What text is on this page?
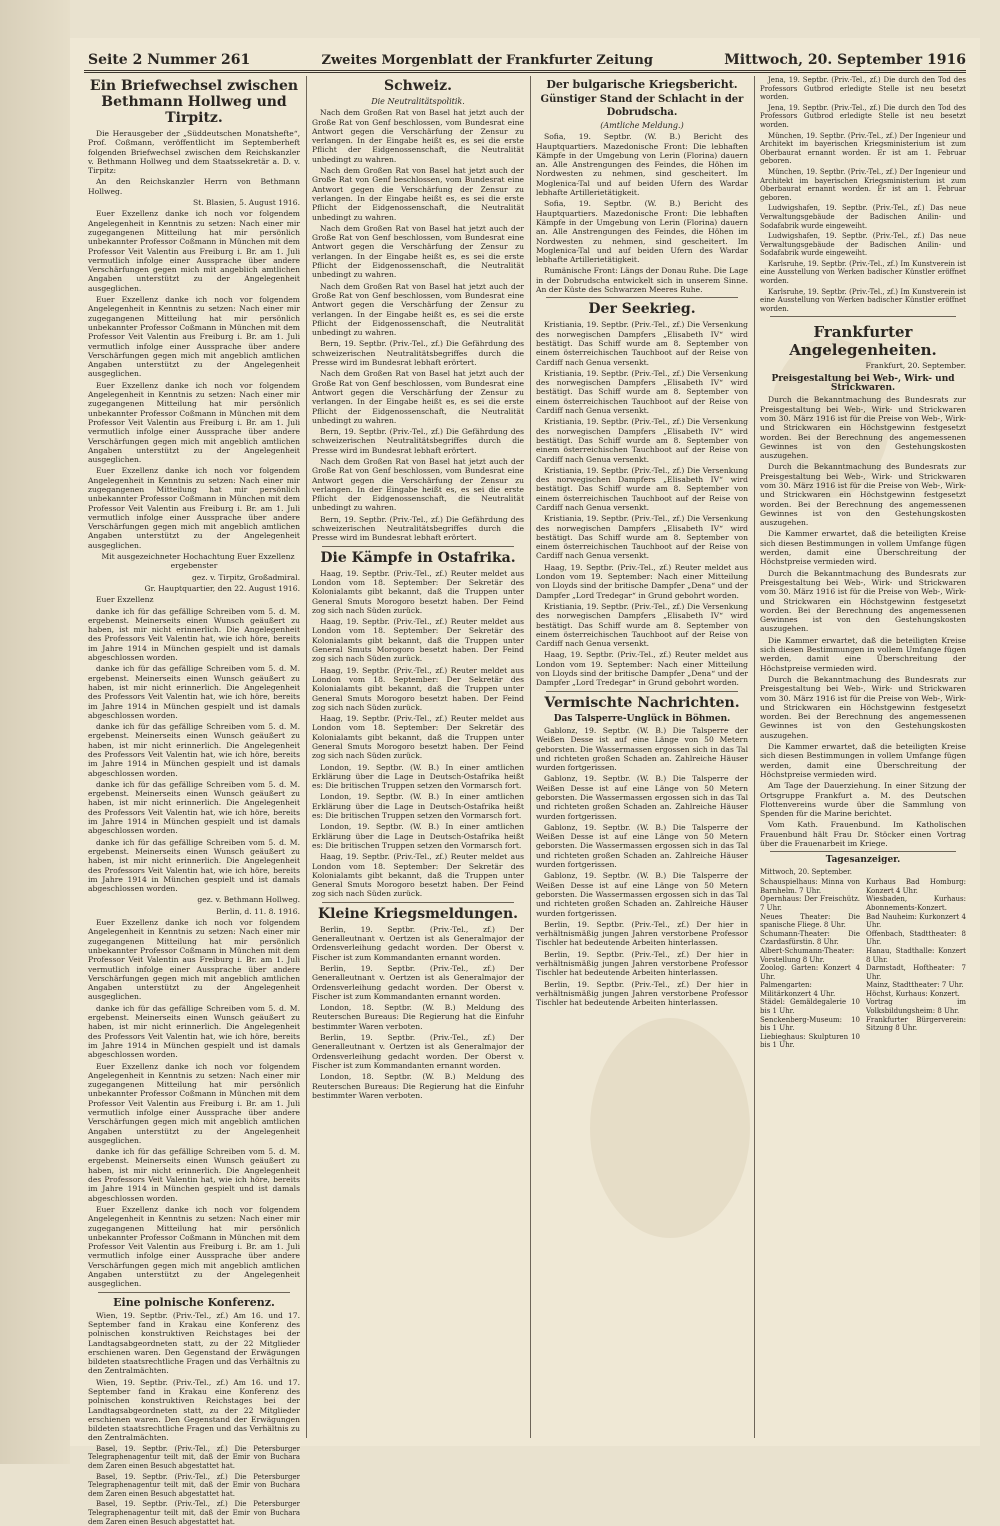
Seite 2 Nummer 261	Zweites Morgenblatt der Frankfurter Zeitung	Mittwoch, 20. September 1916
Ein Briefwechsel zwischen Bethmann Hollweg und Tirpitz.

Die Herausgeber der „Süddeutschen Monatshefte“, Prof. Coßmann, veröffentlicht im Septemberheft folgenden Briefwechsel zwischen dem Reichskanzler v. Bethmann Hollweg und dem Staatssekretär a. D. v. Tirpitz:

An den Reichskanzler Herrn von Bethmann Hollweg.

St. Blasien, 5. August 1916.

Euer Exzellenz danke ich noch vor folgendem Angelegenheit in Kenntnis zu setzen: Nach einer mir zugegangenen Mitteilung hat mir persönlich unbekannter Professor Coßmann in München mit dem Professor Veit Valentin aus Freiburg i. Br. am 1. Juli vermutlich infolge einer Aussprache über andere Verschärfungen gegen mich mit angeblich amtlichen Angaben unterstützt zu der Angelegenheit ausgeglichen.

Euer Exzellenz danke ich noch vor folgendem Angelegenheit in Kenntnis zu setzen: Nach einer mir zugegangenen Mitteilung hat mir persönlich unbekannter Professor Coßmann in München mit dem Professor Veit Valentin aus Freiburg i. Br. am 1. Juli vermutlich infolge einer Aussprache über andere Verschärfungen gegen mich mit angeblich amtlichen Angaben unterstützt zu der Angelegenheit ausgeglichen.

Euer Exzellenz danke ich noch vor folgendem Angelegenheit in Kenntnis zu setzen: Nach einer mir zugegangenen Mitteilung hat mir persönlich unbekannter Professor Coßmann in München mit dem Professor Veit Valentin aus Freiburg i. Br. am 1. Juli vermutlich infolge einer Aussprache über andere Verschärfungen gegen mich mit angeblich amtlichen Angaben unterstützt zu der Angelegenheit ausgeglichen.

Euer Exzellenz danke ich noch vor folgendem Angelegenheit in Kenntnis zu setzen: Nach einer mir zugegangenen Mitteilung hat mir persönlich unbekannter Professor Coßmann in München mit dem Professor Veit Valentin aus Freiburg i. Br. am 1. Juli vermutlich infolge einer Aussprache über andere Verschärfungen gegen mich mit angeblich amtlichen Angaben unterstützt zu der Angelegenheit ausgeglichen.

Mit ausgezeichneter Hochachtung Euer Exzellenz ergebenster

gez. v. Tirpitz, Großadmiral.

Gr. Hauptquartier, den 22. August 1916.

Euer Exzellenz

danke ich für das gefällige Schreiben vom 5. d. M. ergebenst. Meinerseits einen Wunsch geäußert zu haben, ist mir nicht erinnerlich. Die Angelegenheit des Professors Veit Valentin hat, wie ich höre, bereits im Jahre 1914 in München gespielt und ist damals abgeschlossen worden.

danke ich für das gefällige Schreiben vom 5. d. M. ergebenst. Meinerseits einen Wunsch geäußert zu haben, ist mir nicht erinnerlich. Die Angelegenheit des Professors Veit Valentin hat, wie ich höre, bereits im Jahre 1914 in München gespielt und ist damals abgeschlossen worden.

danke ich für das gefällige Schreiben vom 5. d. M. ergebenst. Meinerseits einen Wunsch geäußert zu haben, ist mir nicht erinnerlich. Die Angelegenheit des Professors Veit Valentin hat, wie ich höre, bereits im Jahre 1914 in München gespielt und ist damals abgeschlossen worden.

danke ich für das gefällige Schreiben vom 5. d. M. ergebenst. Meinerseits einen Wunsch geäußert zu haben, ist mir nicht erinnerlich. Die Angelegenheit des Professors Veit Valentin hat, wie ich höre, bereits im Jahre 1914 in München gespielt und ist damals abgeschlossen worden.

danke ich für das gefällige Schreiben vom 5. d. M. ergebenst. Meinerseits einen Wunsch geäußert zu haben, ist mir nicht erinnerlich. Die Angelegenheit des Professors Veit Valentin hat, wie ich höre, bereits im Jahre 1914 in München gespielt und ist damals abgeschlossen worden.

gez. v. Bethmann Hollweg.

Berlin, d. 11. 8. 1916.

Euer Exzellenz danke ich noch vor folgendem Angelegenheit in Kenntnis zu setzen: Nach einer mir zugegangenen Mitteilung hat mir persönlich unbekannter Professor Coßmann in München mit dem Professor Veit Valentin aus Freiburg i. Br. am 1. Juli vermutlich infolge einer Aussprache über andere Verschärfungen gegen mich mit angeblich amtlichen Angaben unterstützt zu der Angelegenheit ausgeglichen.

danke ich für das gefällige Schreiben vom 5. d. M. ergebenst. Meinerseits einen Wunsch geäußert zu haben, ist mir nicht erinnerlich. Die Angelegenheit des Professors Veit Valentin hat, wie ich höre, bereits im Jahre 1914 in München gespielt und ist damals abgeschlossen worden.

Euer Exzellenz danke ich noch vor folgendem Angelegenheit in Kenntnis zu setzen: Nach einer mir zugegangenen Mitteilung hat mir persönlich unbekannter Professor Coßmann in München mit dem Professor Veit Valentin aus Freiburg i. Br. am 1. Juli vermutlich infolge einer Aussprache über andere Verschärfungen gegen mich mit angeblich amtlichen Angaben unterstützt zu der Angelegenheit ausgeglichen.

danke ich für das gefällige Schreiben vom 5. d. M. ergebenst. Meinerseits einen Wunsch geäußert zu haben, ist mir nicht erinnerlich. Die Angelegenheit des Professors Veit Valentin hat, wie ich höre, bereits im Jahre 1914 in München gespielt und ist damals abgeschlossen worden.

Euer Exzellenz danke ich noch vor folgendem Angelegenheit in Kenntnis zu setzen: Nach einer mir zugegangenen Mitteilung hat mir persönlich unbekannter Professor Coßmann in München mit dem Professor Veit Valentin aus Freiburg i. Br. am 1. Juli vermutlich infolge einer Aussprache über andere Verschärfungen gegen mich mit angeblich amtlichen Angaben unterstützt zu der Angelegenheit ausgeglichen.

Eine polnische Konferenz.

Wien, 19. Septbr. (Priv.-Tel., zf.) Am 16. und 17. September fand in Krakau eine Konferenz des polnischen konstruktiven Reichstages bei der Landtagsabgeordneten statt, zu der 22 Mitglieder erschienen waren. Den Gegenstand der Erwägungen bildeten staatsrechtliche Fragen und das Verhältnis zu den Zentralmächten.

Wien, 19. Septbr. (Priv.-Tel., zf.) Am 16. und 17. September fand in Krakau eine Konferenz des polnischen konstruktiven Reichstages bei der Landtagsabgeordneten statt, zu der 22 Mitglieder erschienen waren. Den Gegenstand der Erwägungen bildeten staatsrechtliche Fragen und das Verhältnis zu den Zentralmächten.

Basel, 19. Septbr. (Priv.-Tel., zf.) Die Petersburger Telegraphenagentur teilt mit, daß der Emir von Buchara dem Zaren einen Besuch abgestattet hat.

Basel, 19. Septbr. (Priv.-Tel., zf.) Die Petersburger Telegraphenagentur teilt mit, daß der Emir von Buchara dem Zaren einen Besuch abgestattet hat.

Basel, 19. Septbr. (Priv.-Tel., zf.) Die Petersburger Telegraphenagentur teilt mit, daß der Emir von Buchara dem Zaren einen Besuch abgestattet hat.

Schweiz.
Die Neutralitätspolitik.

Nach dem Großen Rat von Basel hat jetzt auch der Große Rat von Genf beschlossen, vom Bundesrat eine Antwort gegen die Verschärfung der Zensur zu verlangen. In der Eingabe heißt es, es sei die erste Pflicht der Eidgenossenschaft, die Neutralität unbedingt zu wahren.

Nach dem Großen Rat von Basel hat jetzt auch der Große Rat von Genf beschlossen, vom Bundesrat eine Antwort gegen die Verschärfung der Zensur zu verlangen. In der Eingabe heißt es, es sei die erste Pflicht der Eidgenossenschaft, die Neutralität unbedingt zu wahren.

Nach dem Großen Rat von Basel hat jetzt auch der Große Rat von Genf beschlossen, vom Bundesrat eine Antwort gegen die Verschärfung der Zensur zu verlangen. In der Eingabe heißt es, es sei die erste Pflicht der Eidgenossenschaft, die Neutralität unbedingt zu wahren.

Nach dem Großen Rat von Basel hat jetzt auch der Große Rat von Genf beschlossen, vom Bundesrat eine Antwort gegen die Verschärfung der Zensur zu verlangen. In der Eingabe heißt es, es sei die erste Pflicht der Eidgenossenschaft, die Neutralität unbedingt zu wahren.

Bern, 19. Septbr. (Priv.-Tel., zf.) Die Gefährdung des schweizerischen Neutralitätsbegriffes durch die Presse wird im Bundesrat lebhaft erörtert.

Nach dem Großen Rat von Basel hat jetzt auch der Große Rat von Genf beschlossen, vom Bundesrat eine Antwort gegen die Verschärfung der Zensur zu verlangen. In der Eingabe heißt es, es sei die erste Pflicht der Eidgenossenschaft, die Neutralität unbedingt zu wahren.

Bern, 19. Septbr. (Priv.-Tel., zf.) Die Gefährdung des schweizerischen Neutralitätsbegriffes durch die Presse wird im Bundesrat lebhaft erörtert.

Nach dem Großen Rat von Basel hat jetzt auch der Große Rat von Genf beschlossen, vom Bundesrat eine Antwort gegen die Verschärfung der Zensur zu verlangen. In der Eingabe heißt es, es sei die erste Pflicht der Eidgenossenschaft, die Neutralität unbedingt zu wahren.

Bern, 19. Septbr. (Priv.-Tel., zf.) Die Gefährdung des schweizerischen Neutralitätsbegriffes durch die Presse wird im Bundesrat lebhaft erörtert.

Die Kämpfe in Ostafrika.

Haag, 19. Septbr. (Priv.-Tel., zf.) Reuter meldet aus London vom 18. September: Der Sekretär des Kolonialamts gibt bekannt, daß die Truppen unter General Smuts Morogoro besetzt haben. Der Feind zog sich nach Süden zurück.

Haag, 19. Septbr. (Priv.-Tel., zf.) Reuter meldet aus London vom 18. September: Der Sekretär des Kolonialamts gibt bekannt, daß die Truppen unter General Smuts Morogoro besetzt haben. Der Feind zog sich nach Süden zurück.

Haag, 19. Septbr. (Priv.-Tel., zf.) Reuter meldet aus London vom 18. September: Der Sekretär des Kolonialamts gibt bekannt, daß die Truppen unter General Smuts Morogoro besetzt haben. Der Feind zog sich nach Süden zurück.

Haag, 19. Septbr. (Priv.-Tel., zf.) Reuter meldet aus London vom 18. September: Der Sekretär des Kolonialamts gibt bekannt, daß die Truppen unter General Smuts Morogoro besetzt haben. Der Feind zog sich nach Süden zurück.

London, 19. Septbr. (W. B.) In einer amtlichen Erklärung über die Lage in Deutsch-Ostafrika heißt es: Die britischen Truppen setzen den Vormarsch fort.

London, 19. Septbr. (W. B.) In einer amtlichen Erklärung über die Lage in Deutsch-Ostafrika heißt es: Die britischen Truppen setzen den Vormarsch fort.

London, 19. Septbr. (W. B.) In einer amtlichen Erklärung über die Lage in Deutsch-Ostafrika heißt es: Die britischen Truppen setzen den Vormarsch fort.

Haag, 19. Septbr. (Priv.-Tel., zf.) Reuter meldet aus London vom 18. September: Der Sekretär des Kolonialamts gibt bekannt, daß die Truppen unter General Smuts Morogoro besetzt haben. Der Feind zog sich nach Süden zurück.

Kleine Kriegsmeldungen.

Berlin, 19. Septbr. (Priv.-Tel., zf.) Der Generalleutnant v. Oertzen ist als Generalmajor der Ordensverleihung gedacht worden. Der Oberst v. Fischer ist zum Kommandanten ernannt worden.

Berlin, 19. Septbr. (Priv.-Tel., zf.) Der Generalleutnant v. Oertzen ist als Generalmajor der Ordensverleihung gedacht worden. Der Oberst v. Fischer ist zum Kommandanten ernannt worden.

London, 18. Septbr. (W. B.) Meldung des Reuterschen Bureaus: Die Regierung hat die Einfuhr bestimmter Waren verboten.

Berlin, 19. Septbr. (Priv.-Tel., zf.) Der Generalleutnant v. Oertzen ist als Generalmajor der Ordensverleihung gedacht worden. Der Oberst v. Fischer ist zum Kommandanten ernannt worden.

London, 18. Septbr. (W. B.) Meldung des Reuterschen Bureaus: Die Regierung hat die Einfuhr bestimmter Waren verboten.

Der bulgarische Kriegsbericht.
Günstiger Stand der Schlacht in der Dobrudscha.
(Amtliche Meldung.)

Sofia, 19. Septbr. (W. B.) Bericht des Hauptquartiers. Mazedonische Front: Die lebhaften Kämpfe in der Umgebung von Lerin (Florina) dauern an. Alle Anstrengungen des Feindes, die Höhen im Nordwesten zu nehmen, sind gescheitert. Im Moglenica-Tal und auf beiden Ufern des Wardar lebhafte Artillerietätigkeit.

Sofia, 19. Septbr. (W. B.) Bericht des Hauptquartiers. Mazedonische Front: Die lebhaften Kämpfe in der Umgebung von Lerin (Florina) dauern an. Alle Anstrengungen des Feindes, die Höhen im Nordwesten zu nehmen, sind gescheitert. Im Moglenica-Tal und auf beiden Ufern des Wardar lebhafte Artillerietätigkeit.

Rumänische Front: Längs der Donau Ruhe. Die Lage in der Dobrudscha entwickelt sich in unserem Sinne. An der Küste des Schwarzen Meeres Ruhe.

Der Seekrieg.

Kristiania, 19. Septbr. (Priv.-Tel., zf.) Die Versenkung des norwegischen Dampfers „Elisabeth IV“ wird bestätigt. Das Schiff wurde am 8. September von einem österreichischen Tauchboot auf der Reise von Cardiff nach Genua versenkt.

Kristiania, 19. Septbr. (Priv.-Tel., zf.) Die Versenkung des norwegischen Dampfers „Elisabeth IV“ wird bestätigt. Das Schiff wurde am 8. September von einem österreichischen Tauchboot auf der Reise von Cardiff nach Genua versenkt.

Kristiania, 19. Septbr. (Priv.-Tel., zf.) Die Versenkung des norwegischen Dampfers „Elisabeth IV“ wird bestätigt. Das Schiff wurde am 8. September von einem österreichischen Tauchboot auf der Reise von Cardiff nach Genua versenkt.

Kristiania, 19. Septbr. (Priv.-Tel., zf.) Die Versenkung des norwegischen Dampfers „Elisabeth IV“ wird bestätigt. Das Schiff wurde am 8. September von einem österreichischen Tauchboot auf der Reise von Cardiff nach Genua versenkt.

Kristiania, 19. Septbr. (Priv.-Tel., zf.) Die Versenkung des norwegischen Dampfers „Elisabeth IV“ wird bestätigt. Das Schiff wurde am 8. September von einem österreichischen Tauchboot auf der Reise von Cardiff nach Genua versenkt.

Haag, 19. Septbr. (Priv.-Tel., zf.) Reuter meldet aus London vom 19. September: Nach einer Mitteilung von Lloyds sind der britische Dampfer „Dena“ und der Dampfer „Lord Tredegar“ in Grund gebohrt worden.

Kristiania, 19. Septbr. (Priv.-Tel., zf.) Die Versenkung des norwegischen Dampfers „Elisabeth IV“ wird bestätigt. Das Schiff wurde am 8. September von einem österreichischen Tauchboot auf der Reise von Cardiff nach Genua versenkt.

Haag, 19. Septbr. (Priv.-Tel., zf.) Reuter meldet aus London vom 19. September: Nach einer Mitteilung von Lloyds sind der britische Dampfer „Dena“ und der Dampfer „Lord Tredegar“ in Grund gebohrt worden.

Vermischte Nachrichten.
Das Talsperre-Unglück in Böhmen.

Gablonz, 19. Septbr. (W. B.) Die Talsperre der Weißen Desse ist auf eine Länge von 50 Metern geborsten. Die Wassermassen ergossen sich in das Tal und richteten großen Schaden an. Zahlreiche Häuser wurden fortgerissen.

Gablonz, 19. Septbr. (W. B.) Die Talsperre der Weißen Desse ist auf eine Länge von 50 Metern geborsten. Die Wassermassen ergossen sich in das Tal und richteten großen Schaden an. Zahlreiche Häuser wurden fortgerissen.

Gablonz, 19. Septbr. (W. B.) Die Talsperre der Weißen Desse ist auf eine Länge von 50 Metern geborsten. Die Wassermassen ergossen sich in das Tal und richteten großen Schaden an. Zahlreiche Häuser wurden fortgerissen.

Gablonz, 19. Septbr. (W. B.) Die Talsperre der Weißen Desse ist auf eine Länge von 50 Metern geborsten. Die Wassermassen ergossen sich in das Tal und richteten großen Schaden an. Zahlreiche Häuser wurden fortgerissen.

Berlin, 19. Septbr. (Priv.-Tel., zf.) Der hier in verhältnismäßig jungen Jahren verstorbene Professor Tischler hat bedeutende Arbeiten hinterlassen.

Berlin, 19. Septbr. (Priv.-Tel., zf.) Der hier in verhältnismäßig jungen Jahren verstorbene Professor Tischler hat bedeutende Arbeiten hinterlassen.

Berlin, 19. Septbr. (Priv.-Tel., zf.) Der hier in verhältnismäßig jungen Jahren verstorbene Professor Tischler hat bedeutende Arbeiten hinterlassen.

Jena, 19. Septbr. (Priv.-Tel., zf.) Die durch den Tod des Professors Gutbrod erledigte Stelle ist neu besetzt worden.

Jena, 19. Septbr. (Priv.-Tel., zf.) Die durch den Tod des Professors Gutbrod erledigte Stelle ist neu besetzt worden.

München, 19. Septbr. (Priv.-Tel., zf.) Der Ingenieur und Architekt im bayerischen Kriegsministerium ist zum Oberbaurat ernannt worden. Er ist am 1. Februar geboren.

München, 19. Septbr. (Priv.-Tel., zf.) Der Ingenieur und Architekt im bayerischen Kriegsministerium ist zum Oberbaurat ernannt worden. Er ist am 1. Februar geboren.

Ludwigshafen, 19. Septbr. (Priv.-Tel., zf.) Das neue Verwaltungsgebäude der Badischen Anilin- und Sodafabrik wurde eingeweiht.

Ludwigshafen, 19. Septbr. (Priv.-Tel., zf.) Das neue Verwaltungsgebäude der Badischen Anilin- und Sodafabrik wurde eingeweiht.

Karlsruhe, 19. Septbr. (Priv.-Tel., zf.) Im Kunstverein ist eine Ausstellung von Werken badischer Künstler eröffnet worden.

Karlsruhe, 19. Septbr. (Priv.-Tel., zf.) Im Kunstverein ist eine Ausstellung von Werken badischer Künstler eröffnet worden.

Frankfurter Angelegenheiten.

Frankfurt, 20. September.

Preisgestaltung bei Web-, Wirk- und Strickwaren.

Durch die Bekanntmachung des Bundesrats zur Preisgestaltung bei Web-, Wirk- und Strickwaren vom 30. März 1916 ist für die Preise von Web-, Wirk- und Strickwaren ein Höchstgewinn festgesetzt worden. Bei der Berechnung des angemessenen Gewinnes ist von den Gestehungskosten auszugehen.

Durch die Bekanntmachung des Bundesrats zur Preisgestaltung bei Web-, Wirk- und Strickwaren vom 30. März 1916 ist für die Preise von Web-, Wirk- und Strickwaren ein Höchstgewinn festgesetzt worden. Bei der Berechnung des angemessenen Gewinnes ist von den Gestehungskosten auszugehen.

Die Kammer erwartet, daß die beteiligten Kreise sich diesen Bestimmungen in vollem Umfange fügen werden, damit eine Überschreitung der Höchstpreise vermieden wird.

Durch die Bekanntmachung des Bundesrats zur Preisgestaltung bei Web-, Wirk- und Strickwaren vom 30. März 1916 ist für die Preise von Web-, Wirk- und Strickwaren ein Höchstgewinn festgesetzt worden. Bei der Berechnung des angemessenen Gewinnes ist von den Gestehungskosten auszugehen.

Die Kammer erwartet, daß die beteiligten Kreise sich diesen Bestimmungen in vollem Umfange fügen werden, damit eine Überschreitung der Höchstpreise vermieden wird.

Durch die Bekanntmachung des Bundesrats zur Preisgestaltung bei Web-, Wirk- und Strickwaren vom 30. März 1916 ist für die Preise von Web-, Wirk- und Strickwaren ein Höchstgewinn festgesetzt worden. Bei der Berechnung des angemessenen Gewinnes ist von den Gestehungskosten auszugehen.

Die Kammer erwartet, daß die beteiligten Kreise sich diesen Bestimmungen in vollem Umfange fügen werden, damit eine Überschreitung der Höchstpreise vermieden wird.

Am Tage der Dauerziehung. In einer Sitzung der Ortsgruppe Frankfurt a. M. des Deutschen Flottenvereins wurde über die Sammlung von Spenden für die Marine berichtet.

Vom Kath. Frauenbund. Im Katholischen Frauenbund hält Frau Dr. Stöcker einen Vortrag über die Frauenarbeit im Kriege.

Tagesanzeiger.

Mittwoch, 20. September.

Schauspielhaus: Minna von Barnhelm. 7 Uhr.
Opernhaus: Der Freischütz. 7 Uhr.
Neues Theater: Die spanische Fliege. 8 Uhr.
Schumann-Theater: Die Czardasfürstin. 8 Uhr.
Albert-Schumann-Theater: Vorstellung 8 Uhr.
Zoolog. Garten: Konzert 4 Uhr.
Palmengarten: Militärkonzert 4 Uhr.
Städel: Gemäldegalerie 10 bis 1 Uhr.
Senckenberg-Museum: 10 bis 1 Uhr.
Liebieghaus: Skulpturen 10 bis 1 Uhr.
Kurhaus Bad Homburg: Konzert 4 Uhr.
Wiesbaden, Kurhaus: Abonnements-Konzert.
Bad Nauheim: Kurkonzert 4 Uhr.
Offenbach, Stadttheater: 8 Uhr.
Hanau, Stadthalle: Konzert 8 Uhr.
Darmstadt, Hoftheater: 7 Uhr.
Mainz, Stadttheater: 7 Uhr.
Höchst, Kurhaus: Konzert.
Vortrag im Volksbildungsheim: 8 Uhr.
Frankfurter Bürgerverein: Sitzung 8 Uhr.
